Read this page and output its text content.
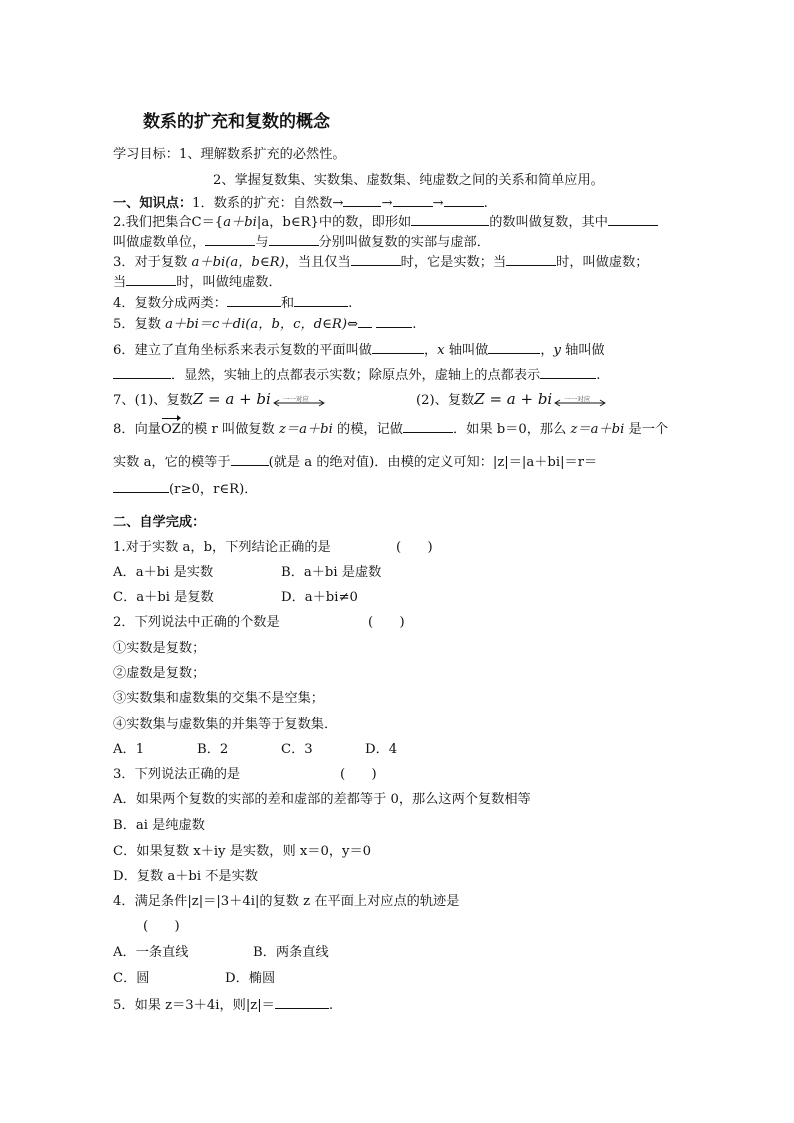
数系的扩充和复数的概念
学习目标：1、理解数系扩充的必然性。
2、掌握复数集、实数集、虚数集、纯虚数之间的关系和简单应用。
一、知识点：1．数系的扩充：自然数→	→	→	.
2.我们把集合C＝{a＋bi|a，b∈R}中的数，即形如	的数叫做复数，其中
叫做虚数单位，	与	分别叫做复数的实部与虚部．
3．对于复数 a＋bi(a，b∈R)，当且仅当	时，它是实数；当	时，叫做虚数；
当	时，叫做纯虚数．
4．复数分成两类：	和	.
5．复数 a＋bi＝c＋di(a，b，c，d∈R)⇔	.
6．建立了直角坐标系来表示复数的平面叫做	，x 轴叫做	，y 轴叫做
．显然，实轴上的点都表示实数；除原点外，虚轴上的点都表示	.
7、(1)、复数Z = a + bi 一一对应	(2)、复数Z = a + bi 一一对应
8．向量OZ的模 r 叫做复数 z＝a＋bi 的模，记做	．如果 b＝0，那么 z＝a＋bi 是一个
实数 a，它的模等于	(就是 a 的绝对值)．由模的定义可知：|z|＝|a＋bi|＝r＝
(r≥0，r∈R)．
二、自学完成：
1.对于实数 a，b，下列结论正确的是	(　　)
A．a＋bi 是实数	B．a＋bi 是虚数
C．a＋bi 是复数	D．a＋bi≠0
2．下列说法中正确的个数是	(　　)
①实数是复数；
②虚数是复数；
③实数集和虚数集的交集不是空集；
④实数集与虚数集的并集等于复数集．
A．1	B．2	C．3	D．4
3．下列说法正确的是	(　　)
A．如果两个复数的实部的差和虚部的差都等于 0，那么这两个复数相等
B．ai 是纯虚数
C．如果复数 x＋iy 是实数，则 x＝0，y＝0
D．复数 a＋bi 不是实数
4．满足条件|z|＝|3＋4i|的复数 z 在平面上对应点的轨迹是
(　　)
A．一条直线	B．两条直线
C．圆	D．椭圆
5．如果 z＝3＋4i，则|z|＝	.
